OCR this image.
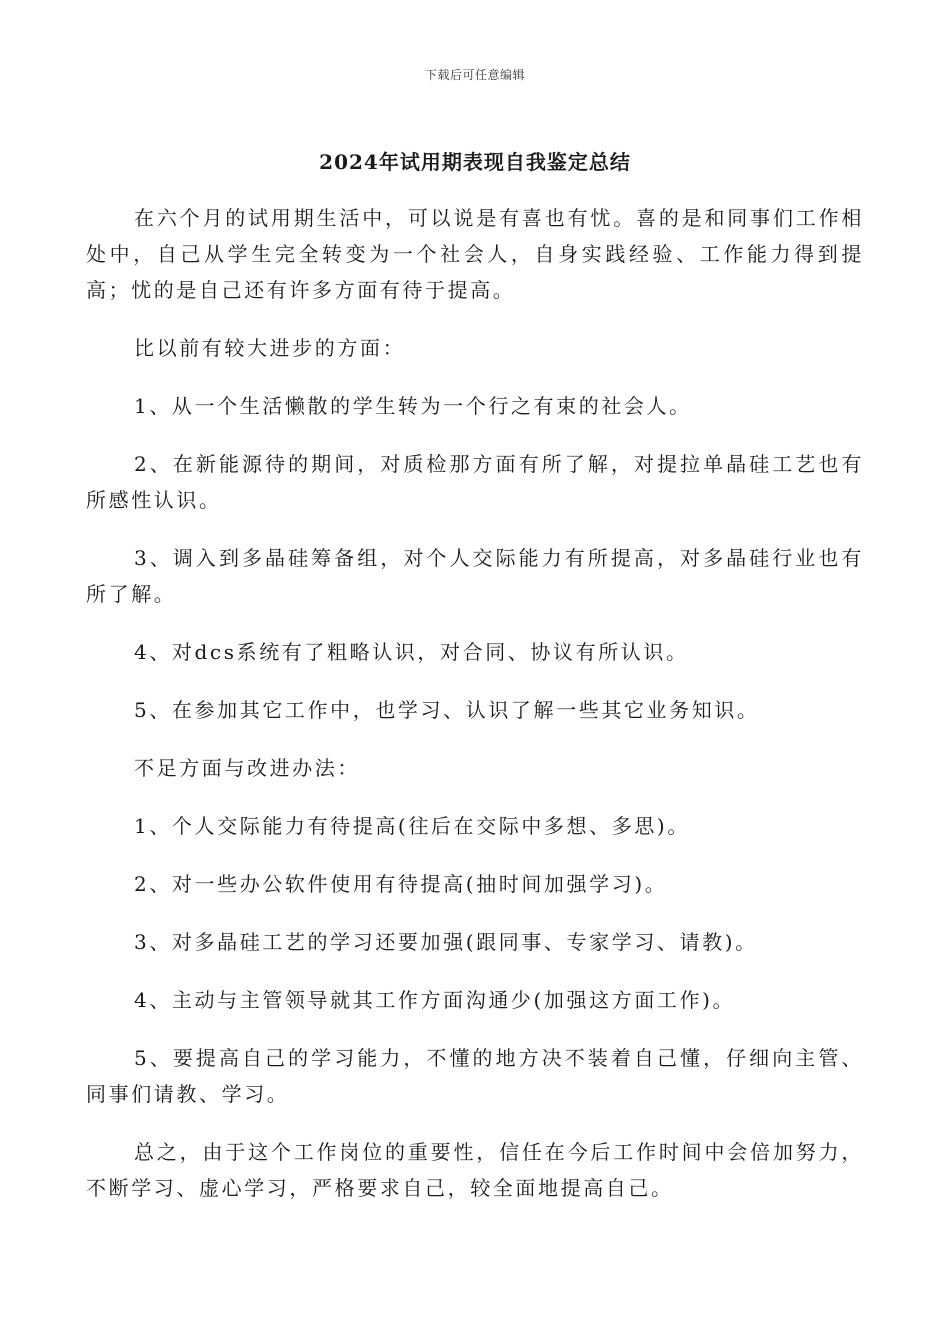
下载后可任意编辑
2024年试用期表现自我鉴定总结

在六个月的试用期生活中，可以说是有喜也有忧。喜的是和同事们工作相处中，自己从学生完全转变为一个社会人，自身实践经验、工作能力得到提高；忧的是自己还有许多方面有待于提高。

比以前有较大进步的方面：

1、从一个生活懒散的学生转为一个行之有束的社会人。

2、在新能源待的期间，对质检那方面有所了解，对提拉单晶硅工艺也有所感性认识。

3、调入到多晶硅筹备组，对个人交际能力有所提高，对多晶硅行业也有所了解。

4、对dcs系统有了粗略认识，对合同、协议有所认识。

5、在参加其它工作中，也学习、认识了解一些其它业务知识。

不足方面与改进办法：

1、个人交际能力有待提高(往后在交际中多想、多思)。

2、对一些办公软件使用有待提高(抽时间加强学习)。

3、对多晶硅工艺的学习还要加强(跟同事、专家学习、请教)。

4、主动与主管领导就其工作方面沟通少(加强这方面工作)。

5、要提高自己的学习能力，不懂的地方决不装着自己懂，仔细向主管、同事们请教、学习。

总之，由于这个工作岗位的重要性，信任在今后工作时间中会倍加努力，不断学习、虚心学习，严格要求自己，较全面地提高自己。
